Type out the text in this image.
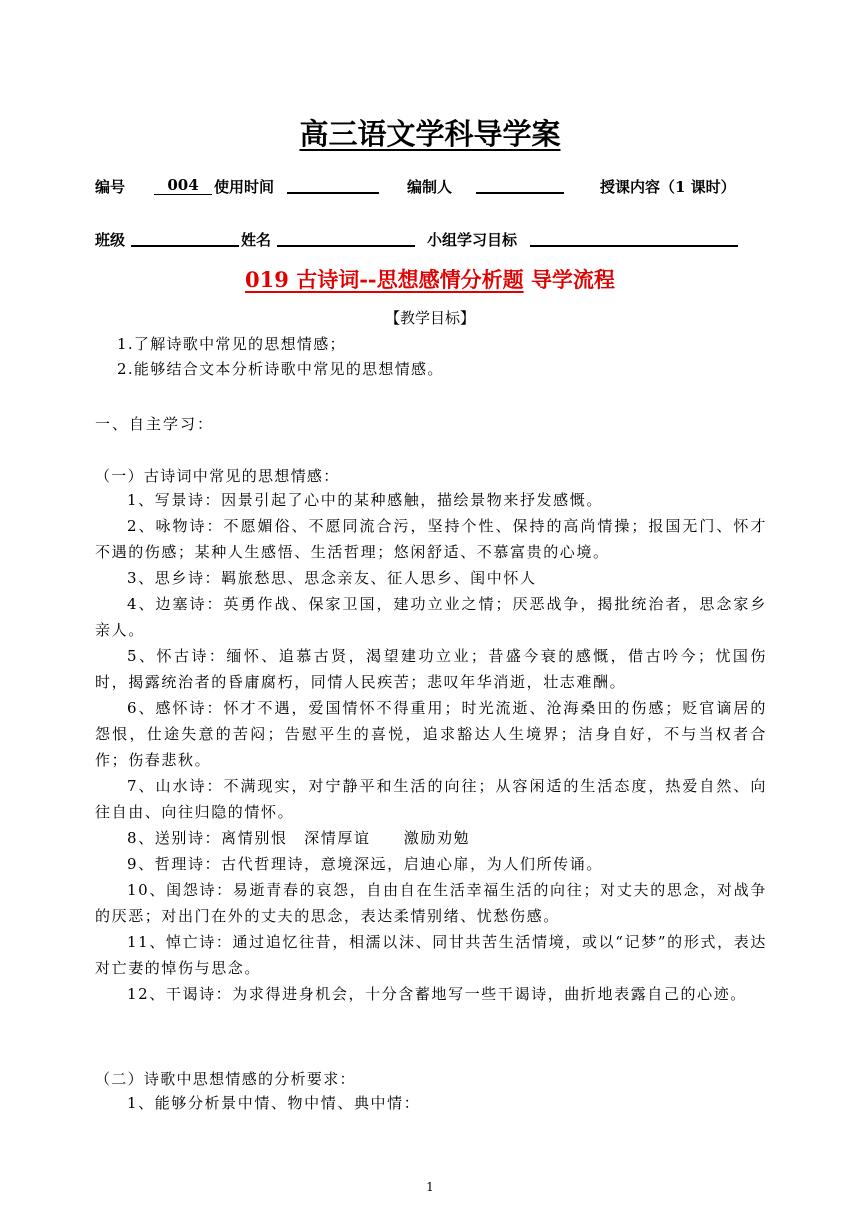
高三语文学科导学案
编号	004	使用时间	编制人	授课内容（1 课时）
班级	姓名	小组学习目标
019 古诗词--思想感情分析题 导学流程
【教学目标】
1.了解诗歌中常见的思想情感；
2.能够结合文本分析诗歌中常见的思想情感。
一、自主学习：
（一）古诗词中常见的思想情感：
1、写景诗：因景引起了心中的某种感触，描绘景物来抒发感慨。
2、咏物诗：不愿媚俗、不愿同流合污，坚持个性、保持的高尚情操；报国无门、怀才不遇的伤感；某种人生感悟、生活哲理；悠闲舒适、不慕富贵的心境。
3、思乡诗：羁旅愁思、思念亲友、征人思乡、闺中怀人
4、边塞诗：英勇作战、保家卫国，建功立业之情；厌恶战争，揭批统治者，思念家乡亲人。
5、怀古诗：缅怀、追慕古贤，渴望建功立业；昔盛今衰的感慨，借古吟今；忧国伤时，揭露统治者的昏庸腐朽，同情人民疾苦；悲叹年华消逝，壮志难酬。
6、感怀诗：怀才不遇，爱国情怀不得重用；时光流逝、沧海桑田的伤感；贬官谪居的怨恨，仕途失意的苦闷；告慰平生的喜悦，追求豁达人生境界；洁身自好，不与当权者合作；伤春悲秋。
7、山水诗：不满现实，对宁静平和生活的向往；从容闲适的生活态度，热爱自然、向往自由、向往归隐的情怀。
8、送别诗：离情别恨　深情厚谊　　激励劝勉
9、哲理诗：古代哲理诗，意境深远，启迪心扉，为人们所传诵。
10、闺怨诗：易逝青春的哀怨，自由自在生活幸福生活的向往；对丈夫的思念，对战争的厌恶；对出门在外的丈夫的思念，表达柔情别绪、忧愁伤感。
11、悼亡诗：通过追忆往昔，相濡以沫、同甘共苦生活情境，或以“记梦”的形式，表达对亡妻的悼伤与思念。
12、干谒诗：为求得进身机会，十分含蓄地写一些干谒诗，曲折地表露自己的心迹。
（二）诗歌中思想情感的分析要求：
1、能够分析景中情、物中情、典中情：
1
